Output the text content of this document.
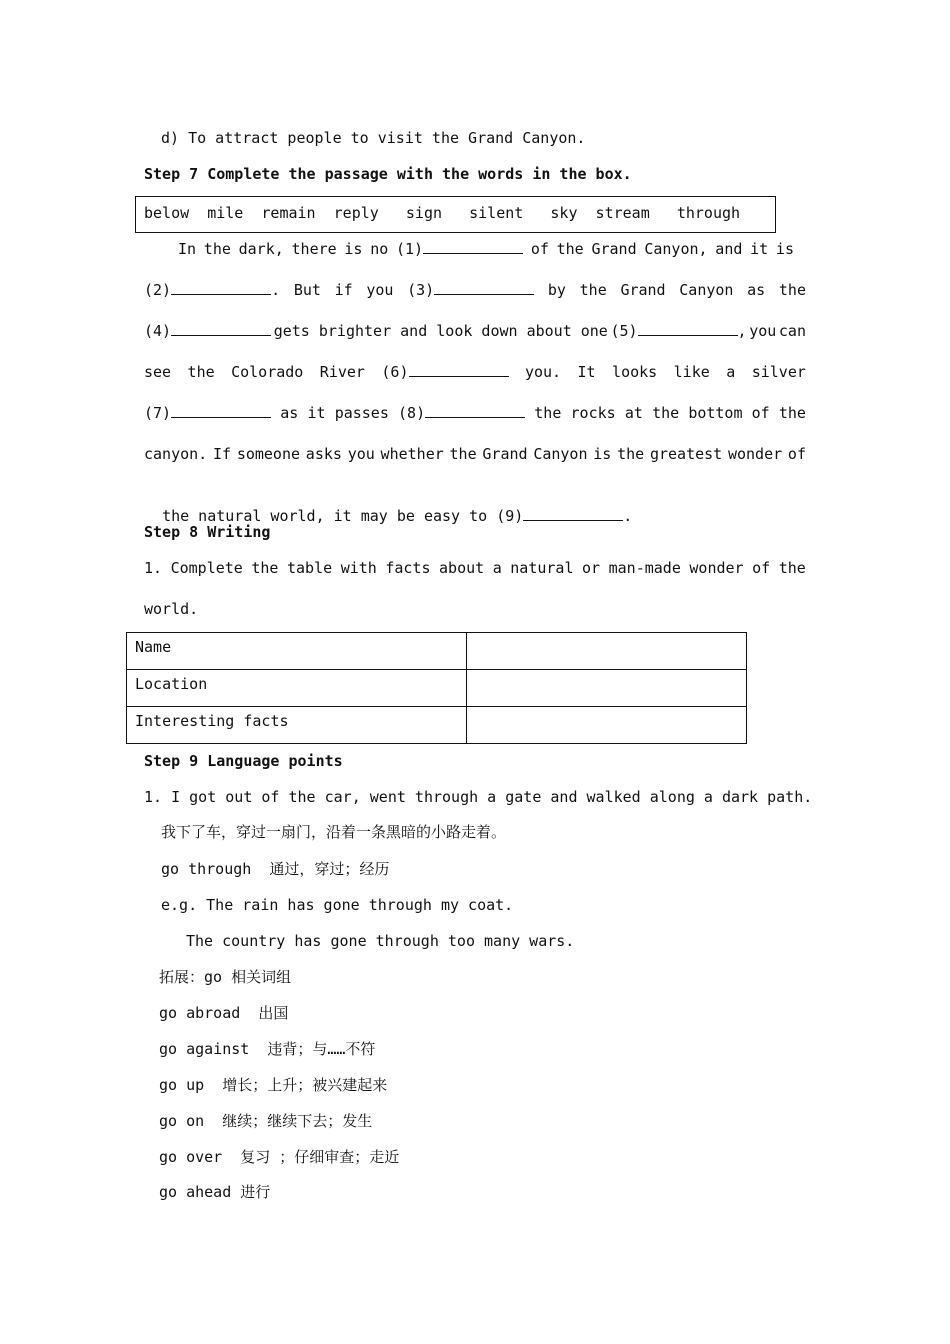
d) To attract people to visit the Grand Canyon.
Step 7 Complete the passage with the words in the box.
below  mile  remain  reply   sign   silent   sky  stream   through
In the dark, there is no (1)	of the Grand Canyon, and it is
(2)	. But if you (3)	by the Grand Canyon as the
(4)	gets brighter and look down about one (5)	, you can
see the Colorado River (6)	you. It looks like a silver
(7)	as it passes (8)	the rocks at the bottom of the
canyon. If someone asks you whether the Grand Canyon is the greatest wonder of

the natural world, it may be easy to (9)	.

Step 8 Writing
1. Complete the table with facts about a natural or man-made wonder of the
world.
Name	
Location	
Interesting facts	
Step 9 Language points
1. I got out of the car, went through a gate and walked along a dark path.
我下了车，穿过一扇门，沿着一条黑暗的小路走着。
go through  通过，穿过；经历
e.g. The rain has gone through my coat.
The country has gone through too many wars.
拓展：go 相关词组
go abroad  出国
go against  违背；与……不符
go up  增长；上升；被兴建起来
go on  继续；继续下去；发生
go over  复习 ；仔细审查；走近
go ahead 进行
